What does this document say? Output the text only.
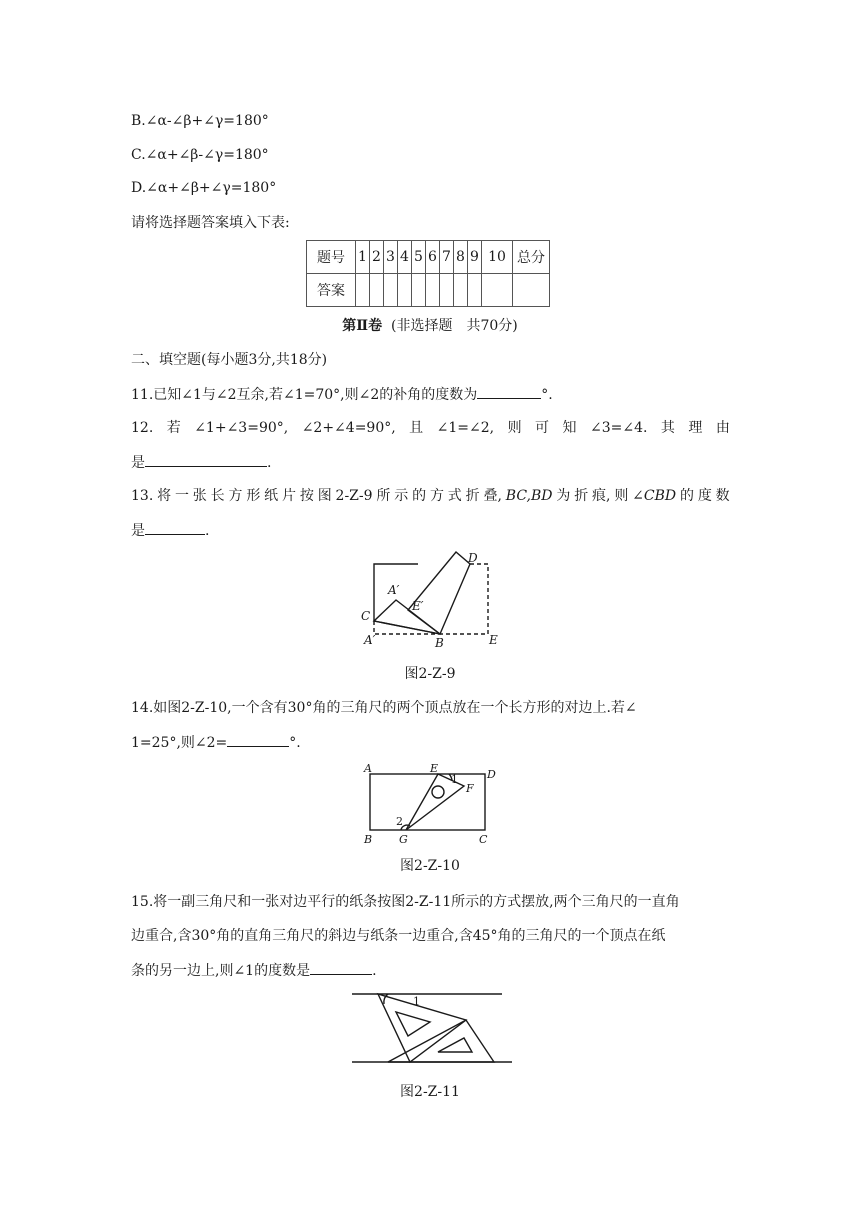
B.∠α-∠β+∠γ=180°
C.∠α+∠β-∠γ=180°
D.∠α+∠β+∠γ=180°
请将选择题答案填入下表:
题号	1	2	3	4	5	6	7	8	9	10	总分
答案											
第Ⅱ卷 (非选择题　共70分)
二、填空题(每小题3分,共18分)
11.已知∠1与∠2互余,若∠1=70°,则∠2的补角的度数为	°.
12. 若 ∠1+∠3=90°, ∠2+∠4=90°, 且 ∠1=∠2, 则 可 知 ∠3=∠4. 其 理 由
是	.
13. 将 一 张 长 方 形 纸 片 按 图 2-Z-9 所 示 的 方 式 折 叠, BC,BD 为 折 痕, 则 ∠CBD 的 度 数
是	.
C
D
A′
E′
A′	B	E
图2-Z-9
14.如图2-Z-10,一个含有30°角的三角尺的两个顶点放在一个长方形的对边上.若∠
1=25°,则∠2=	°.
A	E
1	D
F
2
B G	C
图2-Z-10
15.将一副三角尺和一张对边平行的纸条按图2-Z-11所示的方式摆放,两个三角尺的一直角
边重合,含30°角的直角三角尺的斜边与纸条一边重合,含45°角的三角尺的一个顶点在纸
条的另一边上,则∠1的度数是	.
1
图2-Z-11
